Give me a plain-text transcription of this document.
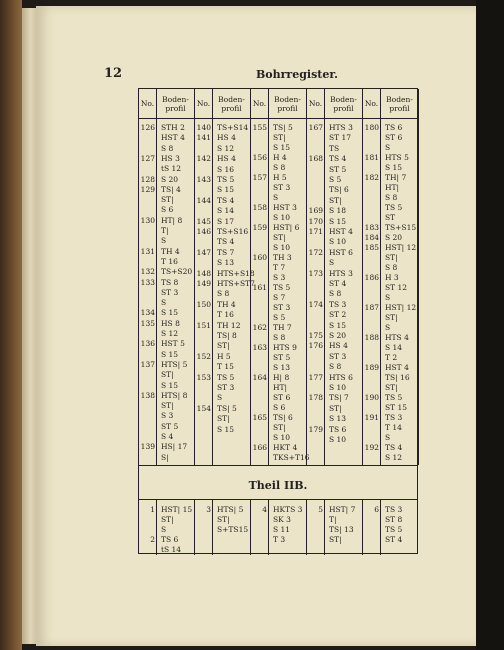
12	Bohrregister.
Theil IIB.
No.	Boden-profil	No.	Boden-profil	No.	Boden-profil	No.	Boden-profil	No.	Boden-profil
126 STH 2
HST 4
S 8
127 HS 3
tS 12
128 S 20
129 TS| 4
ST|
S 6
130 HT| 8
T|
S
131 TH 4
T 16
132 TS+S20
133 TS 8
ST 3
S
134 S 15
135 HS 8
S 12
136 HST 5
S 15
137 HTS| 5
ST|
S 15
138 HTS| 8
ST|
S 3
ST 5
S 4
139 HS| 17
S|
140 TS+S14
141 HS 4
S 12
142 HS 4
S 16
143 TS 5
S 15
144 TS 4
S 14
145 S 17
146 TS+S16
TS 4
147 TS 7
S 13
148 HTS+S18
149 HTS+ST7
S 8
150 TH 4
T 16
151 TH 12
TS| 8
ST|
152 H 5
T 15
153 TS 5
ST 3
S
154 TS| 5
ST|
S 15
155 TS| 5
ST|
S 15
156 H 4
S 8
157 H 5
ST 3
S
158 HST 3
S 10
159 HST| 6
ST|
S 10
160 TH 3
T 7
S 3
161 TS 5
S 7
ST 3
S 5
162 TH 7
S 8
163 HTS 9
ST 5
S 13
164 H| 8
HT|
ST 6
S 6
165 TS| 6
ST|
S 10
166 HKT 4
TKS+T16
167 HTS 3
ST 17
TS
168 TS 4
ST 5
S 5
TS| 6
ST|
169 S 18
170 S 15
171 HST 4
S 10
172 HST 6
S
173 HTS 3
ST 4
S 8
174 TS 3
ST 2
S 15
175 S 20
176 HS 4
ST 3
S 8
177 HTS 6
S 10
178 TS| 7
ST|
S 13
179 TS 6
S 10
180 TS 6
ST 6
S
181 HTS 5
S 15
182 TH| 7
HT|
S 8
TS 5
ST
183 TS+S15
184 S 20
185 HST| 12
ST|
S 8
186 H 3
ST 12
S
187 HST| 12
ST|
S
188 HTS 4
S 14
T 2
189 HST 4
TS| 16
ST|
190 TS 5
ST 15
191 TS 3
T 14
S
192 TS 4
S 12
1 HST| 15
ST|
S
2 TS 6
tS 14
3 HTS| 5
ST|
S+TS15
4 HKTS 3
SK 3
S 11
T 3
5 HST| 7
T|
TS| 13
ST|
6 TS 3
ST 8
TS 5
ST 4
